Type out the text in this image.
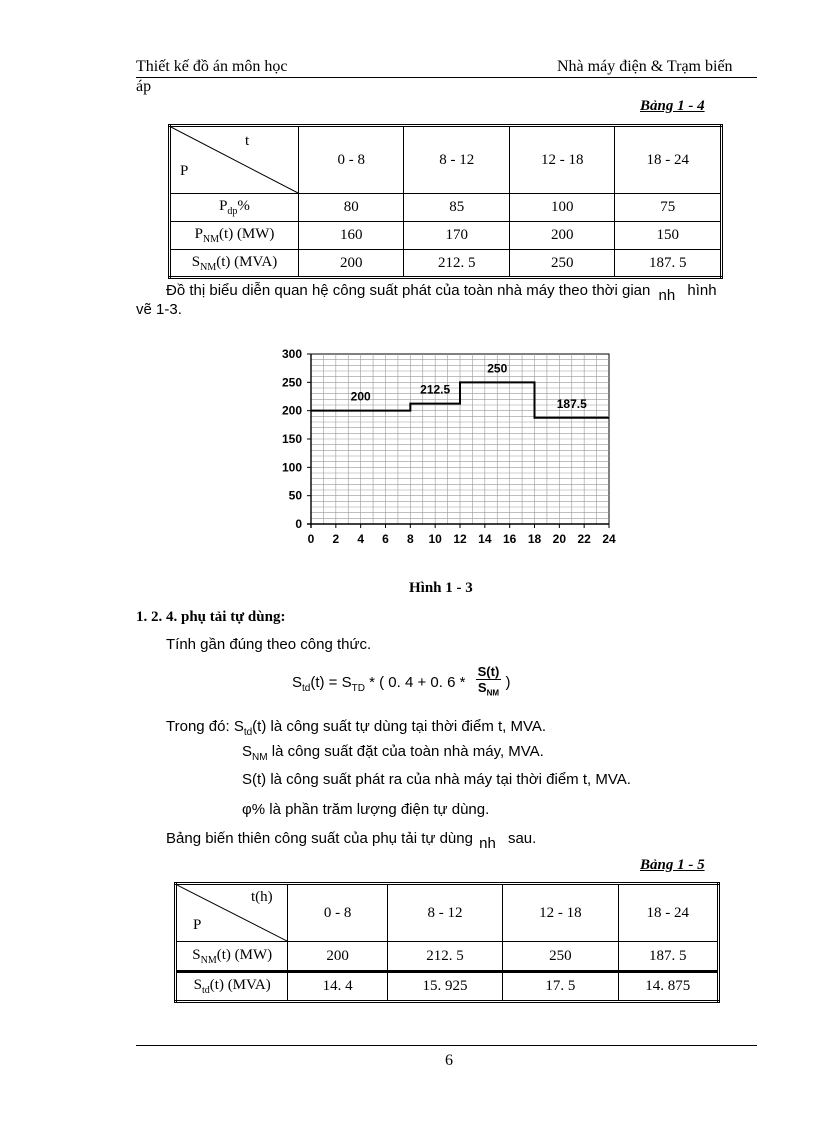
Thiết kế đồ án môn học	Nhà máy điện & Trạm biến
áp
Bảng 1 - 4
t
P	0 - 8	8 - 12	12 - 18	18 - 24
$P_{dp}\%$	80	85	100	75
$P_{NM}(t)$ (MW)	160	170	200	150
$S_{NM}(t)$ (MVA)	200	212. 5	250	187. 5
Đồ thị biểu diễn quan hệ công suất phát của toàn nhà máy theo thời gian nh hình
vẽ 1-3.
0 2 4 6 8 10 12 14 16 18 20 22 24
0
50
100
150
200
250
300
200
212.5
250
187.5
Hình 1 - 3
1. 2. 4. phụ tải tự dùng:
Tính gần đúng theo công thức.
$S_{td}(t) = S_{TD}$ * ( 0. 4 + 0. 6 *
S(t)
$S_{NM}$
)
Trong đó: $S_{td}(t)$ là công suất tự dùng tại thời điểm t, MVA.
$S_{NM}$ là công suất đặt của toàn nhà máy, MVA.
S(t) là công suất phát ra của nhà máy tại thời điểm t, MVA.
φ% là phần trăm lượng điện tự dùng.
Bảng biến thiên công suất của phụ tải tự dùng nh sau.
Bảng 1 - 5
t(h)
P	0 - 8	8 - 12	12 - 18	18 - 24
$S_{NM}(t)$ (MW)	200	212. 5	250	187. 5
$S_{td}(t)$ (MVA)	14. 4	15. 925	17. 5	14. 875
6
